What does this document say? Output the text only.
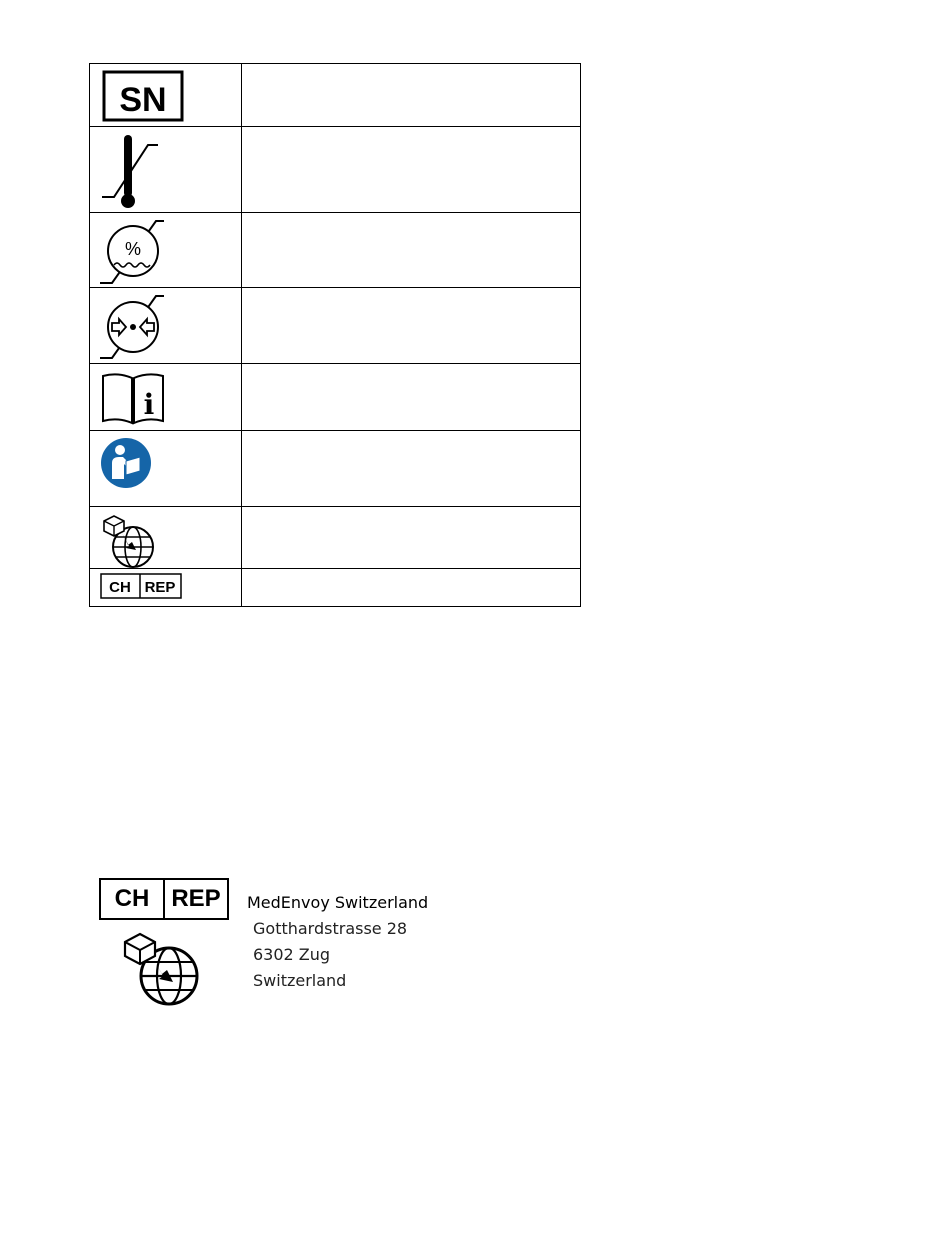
SN	

%	

i	

CH REP	

CH REP	MedEnvoy Switzerland
Gotthardstrasse 28
6302 Zug
Switzerland
